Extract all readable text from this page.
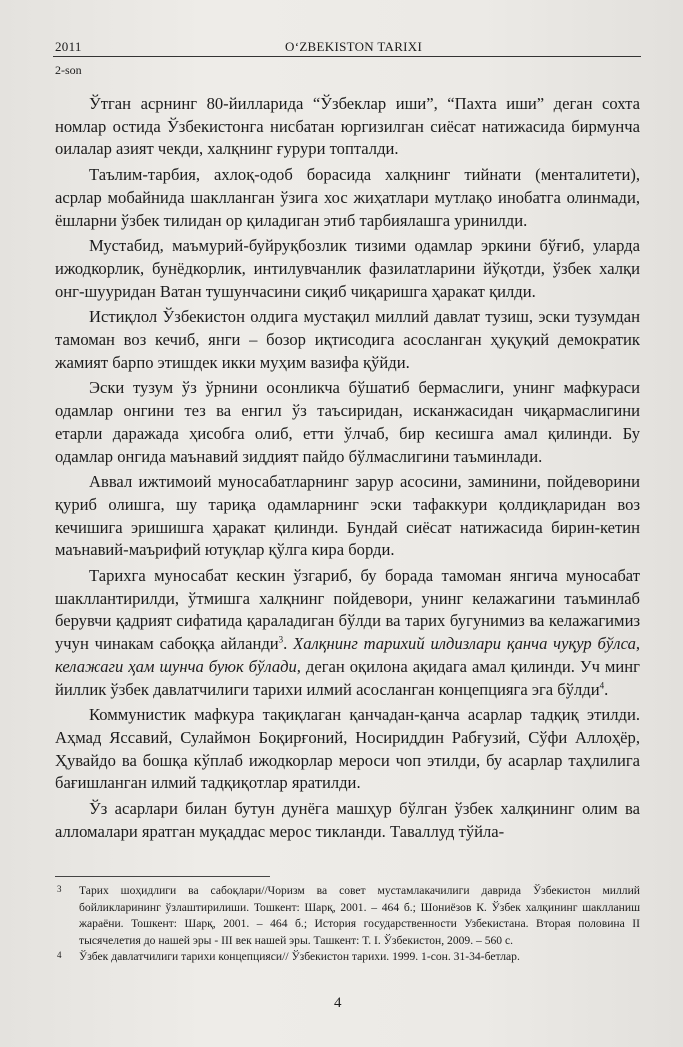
2011	O‘ZBEKISTON TARIXI
2-son

Ўтган асрнинг 80-йилларида “Ўзбеклар иши”, “Пахта иши” деган сохта номлар остида Ўзбекистонга нисбатан юргизилган сиёсат натижасида бирмунча оилалар азият чекди, халқнинг ғурури топталди.

Таълим-тарбия, ахлоқ-одоб борасида халқнинг тийнати (менталитети), асрлар мобайнида шаклланган ўзига хос жиҳатлари мутлақо инобатга олинмади, ёшларни ўзбек тилидан ор қиладиган этиб тарбиялашга уринилди.

Мустабид, маъмурий-буйруқбозлик тизими одамлар эркини бўғиб, уларда ижодкорлик, бунёдкорлик, интилувчанлик фазилатларини йўқотди, ўзбек халқи онг-шууридан Ватан тушунчасини сиқиб чиқаришга ҳаракат қилди.

Истиқлол Ўзбекистон олдига мустақил миллий давлат тузиш, эски тузумдан тамоман воз кечиб, янги – бозор иқтисодига асосланган ҳуқуқий демократик жамият барпо этишдек икки муҳим вазифа қўйди.

Эски тузум ўз ўрнини осонликча бўшатиб бермаслиги, унинг мафкураси одамлар онгини тез ва енгил ўз таъсиридан, исканжасидан чиқармаслигини етарли даражада ҳисобга олиб, етти ўлчаб, бир кесишга амал қилинди. Бу одамлар онгида маънавий зиддият пайдо бўлмаслигини таъминлади.

Аввал ижтимоий муносабатларнинг зарур асосини, заминини, пойдеворини қуриб олишга, шу тариқа одамларнинг эски тафаккури қолдиқларидан воз кечишига эришишга ҳаракат қилинди. Бундай сиёсат натижасида бирин-кетин маънавий-маърифий ютуқлар қўлга кира борди.

Тарихга муносабат кескин ўзгариб, бу борада тамоман янгича муносабат шакллантирилди, ўтмишга халқнинг пойдевори, унинг келажагини таъминлаб берувчи қадрият сифатида қараладиган бўлди ва тарих бугунимиз ва келажагимиз учун чинакам сабоққа айланди$^3$. Халқнинг тарихий илдизлари қанча чуқур бўлса, келажаги ҳам шунча буюк бўлади, деган оқилона ақидага амал қилинди. Уч минг йиллик ўзбек давлатчилиги тарихи илмий асосланган концепцияга эга бўлди$^4$.

Коммунистик мафкура тақиқлаган қанчадан-қанча асарлар тадқиқ этилди. Аҳмад Яссавий, Сулаймон Боқирғоний, Носириддин Рабғузий, Сўфи Аллоҳёр, Ҳувайдо ва бошқа кўплаб ижодкорлар мероси чоп этилди, бу асарлар таҳлилига бағишланган илмий тадқиқотлар яратилди.

Ўз асарлари билан бутун дунёга машҳур бўлган ўзбек халқининг олим ва алломалари яратган муқаддас мерос тикланди. Таваллуд тўйла-

3 Тарих шоҳидлиги ва сабоқлари//Чоризм ва совет мустамлакачилиги даврида Ўзбекистон миллий бойликларининг ўзлаштирилиши. Тошкент: Шарқ, 2001. – 464 б.; Шониёзов К. Ўзбек халқининг шаклланиш жараёни. Тошкент: Шарқ, 2001. – 464 б.; История государственности Узбекистана. Вторая половина II тысячелетия до нашей эры - III век нашей эры. Ташкент: Т. I. Ўзбекистон, 2009. – 560 с.

4 Ўзбек давлатчилиги тарихи концепцияси// Ўзбекистон тарихи. 1999. 1-сон. 31-34-бетлар.

4
